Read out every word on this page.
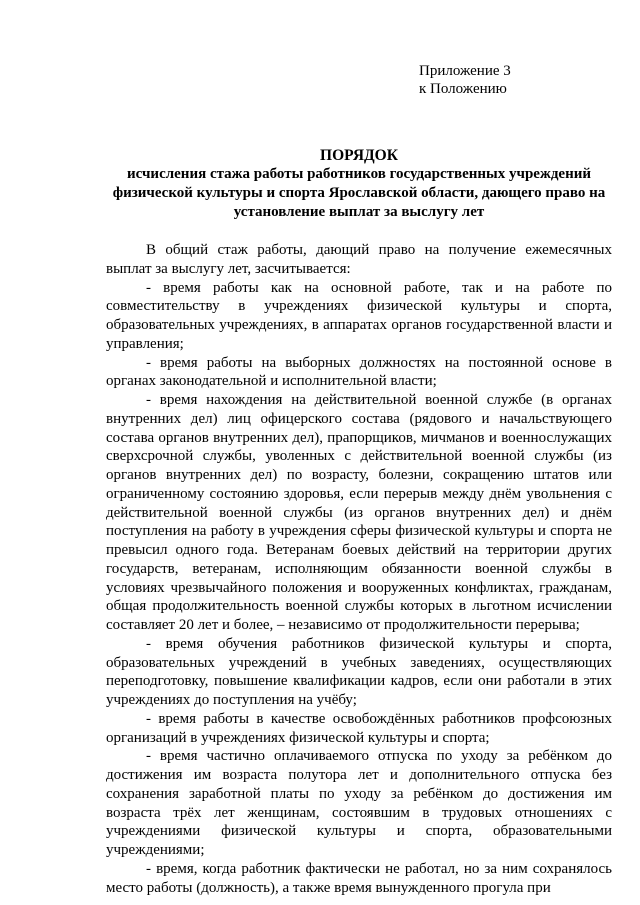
Приложение 3
к Положению
ПОРЯДОК
исчисления стажа работы работников государственных учреждений
физической культуры и спорта Ярославской области, дающего право на
установление выплат за выслугу лет

В общий стаж работы, дающий право на получение ежемесячных выплат за выслугу лет, засчитывается:

- время работы как на основной работе, так и на работе по совместительству в учреждениях физической культуры и спорта, образовательных учреждениях, в аппаратах органов государственной власти и управления;

- время работы на выборных должностях на постоянной основе в органах законодательной и исполнительной власти;

- время нахождения на действительной военной службе (в органах внутренних дел) лиц офицерского состава (рядового и начальствующего состава органов внутренних дел), прапорщиков, мичманов и военнослужащих сверхсрочной службы, уволенных с действительной военной службы (из органов внутренних дел) по возрасту, болезни, сокращению штатов или ограниченному состоянию здоровья, если перерыв между днём увольнения с действительной военной службы (из органов внутренних дел) и днём поступления на работу в учреждения сферы физической культуры и спорта не превысил одного года. Ветеранам боевых действий на территории других государств, ветеранам, исполняющим обязанности военной службы в условиях чрезвычайного положения и вооруженных конфликтах, гражданам, общая продолжительность военной службы которых в льготном исчислении составляет 20 лет и более, – независимо от продолжительности перерыва;

- время обучения работников физической культуры и спорта, образовательных учреждений в учебных заведениях, осуществляющих переподготовку, повышение квалификации кадров, если они работали в этих учреждениях до поступления на учёбу;

- время работы в качестве освобождённых работников профсоюзных организаций в учреждениях физической культуры и спорта;

- время частично оплачиваемого отпуска по уходу за ребёнком до достижения им возраста полутора лет и дополнительного отпуска без сохранения заработной платы по уходу за ребёнком до достижения им возраста трёх лет женщинам, состоявшим в трудовых отношениях с учреждениями физической культуры и спорта, образовательными учреждениями;

- время, когда работник фактически не работал, но за ним сохранялось место работы (должность), а также время вынужденного прогула при
